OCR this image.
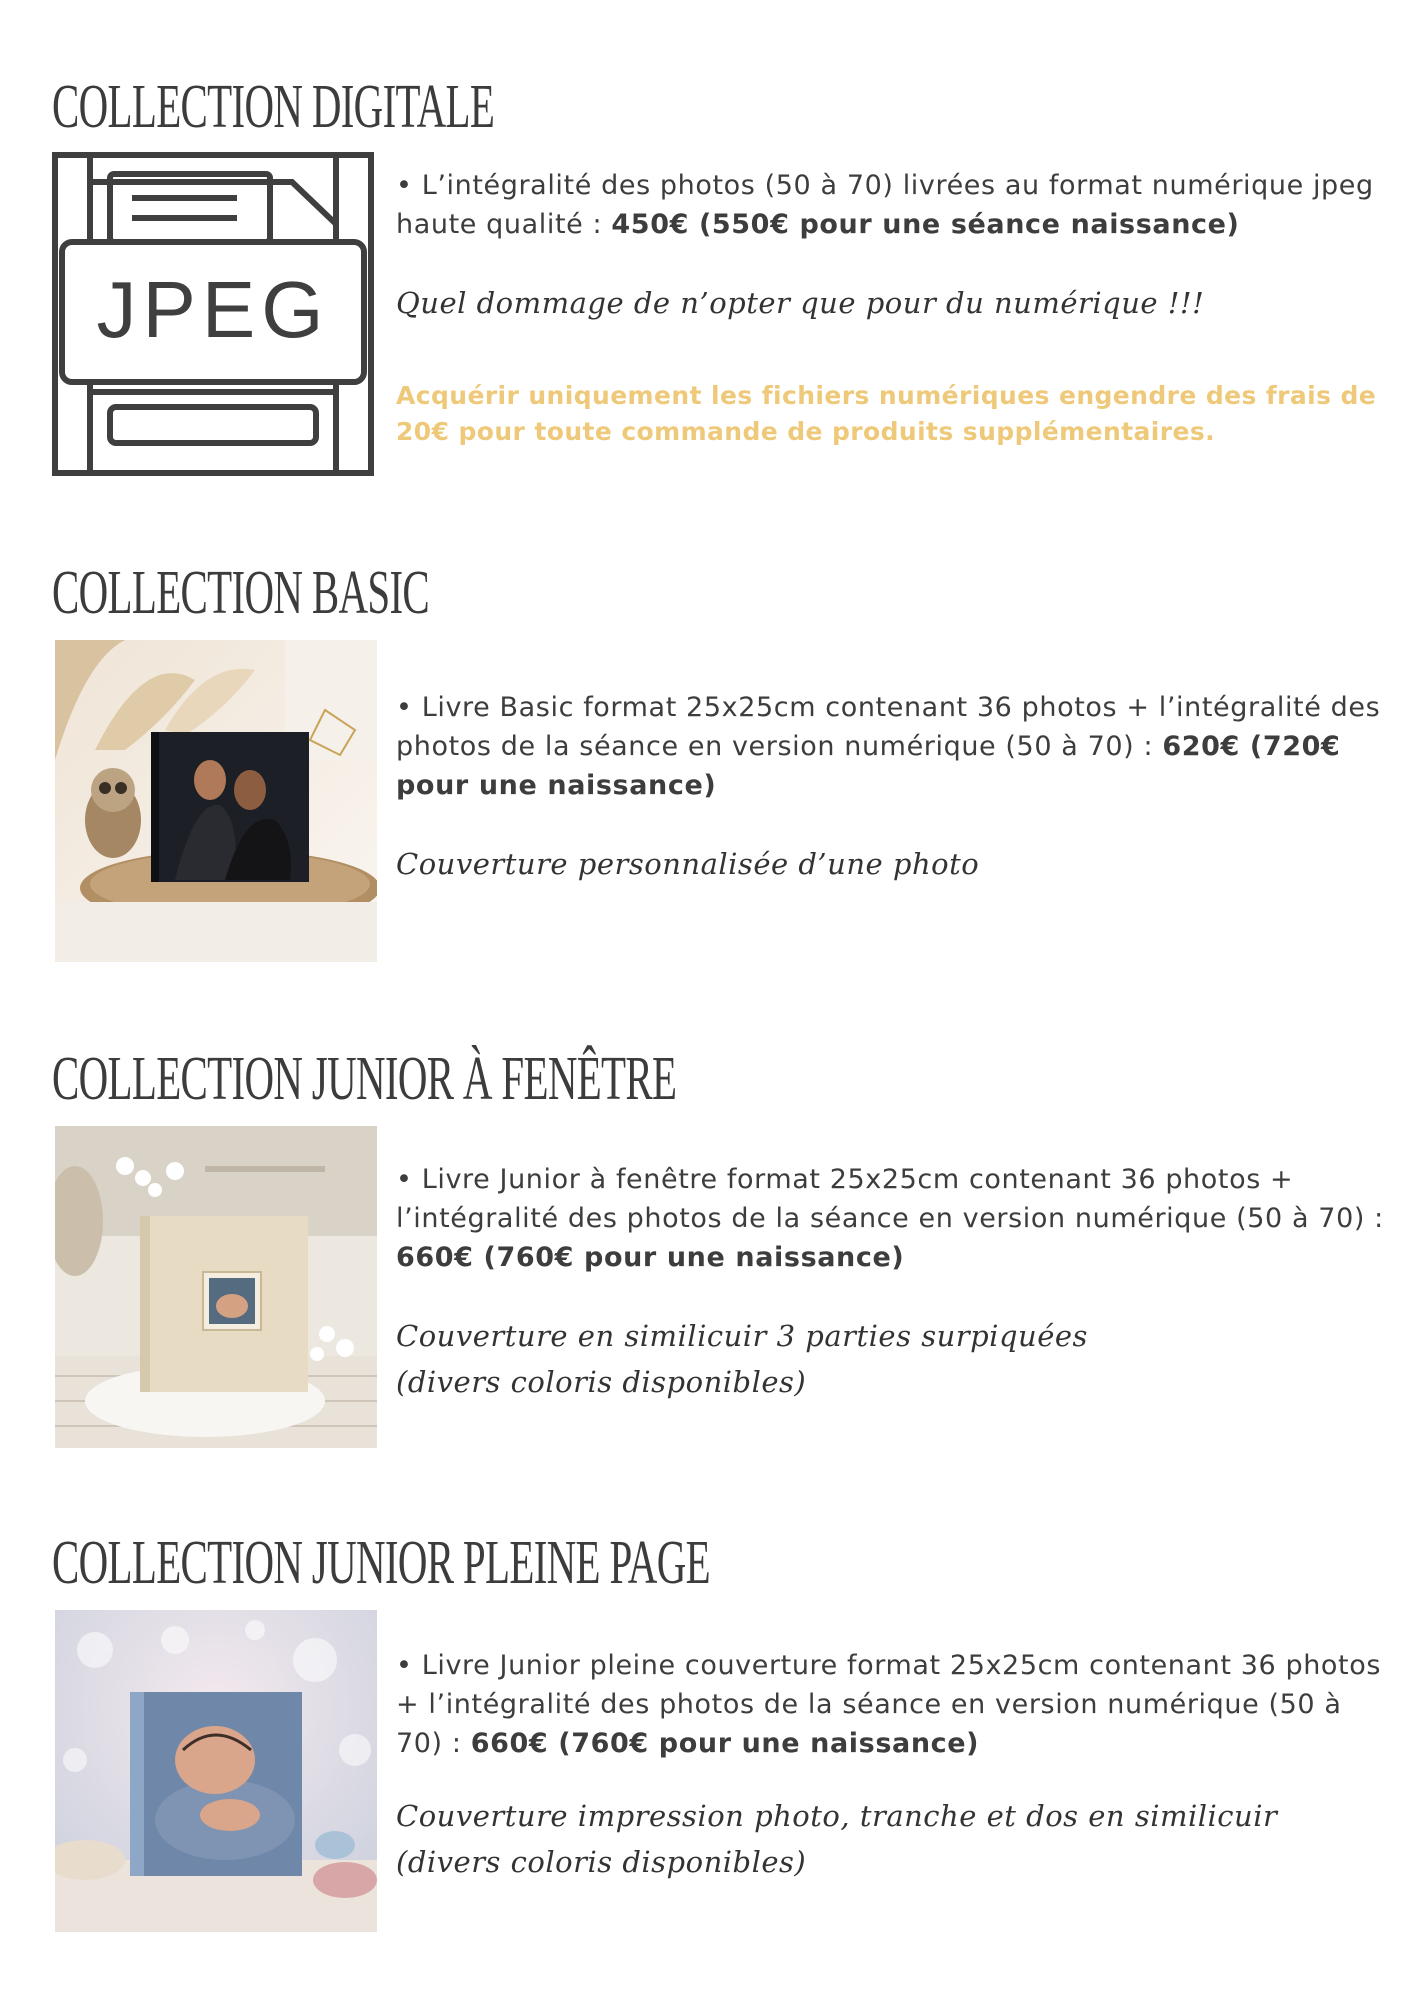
COLLECTION DIGITALE
JPEG

• L’intégralité des photos (50 à 70) livrées au format numérique jpeg haute qualité : 450€ (550€ pour une séance naissance)

Quel dommage de n’opter que pour du numérique !!!

Acquérir uniquement les fichiers numériques engendre des frais de 20€ pour toute commande de produits supplémentaires.

COLLECTION BASIC

• Livre Basic format 25x25cm contenant 36 photos + l’intégralité des photos de la séance en version numérique (50 à 70) : 620€ (720€ pour une naissance)

Couverture personnalisée d’une photo

COLLECTION JUNIOR À FENÊTRE

• Livre Junior à fenêtre format 25x25cm contenant 36 photos + l’intégralité des photos de la séance en version numérique (50 à 70) : 660€ (760€ pour une naissance)

Couverture en similicuir 3 parties surpiquées

(divers coloris disponibles)

COLLECTION JUNIOR PLEINE PAGE

• Livre Junior pleine couverture format 25x25cm contenant 36 photos + l’intégralité des photos de la séance en version numérique (50 à 70) : 660€ (760€ pour une naissance)

Couverture impression photo, tranche et dos en similicuir

(divers coloris disponibles)
